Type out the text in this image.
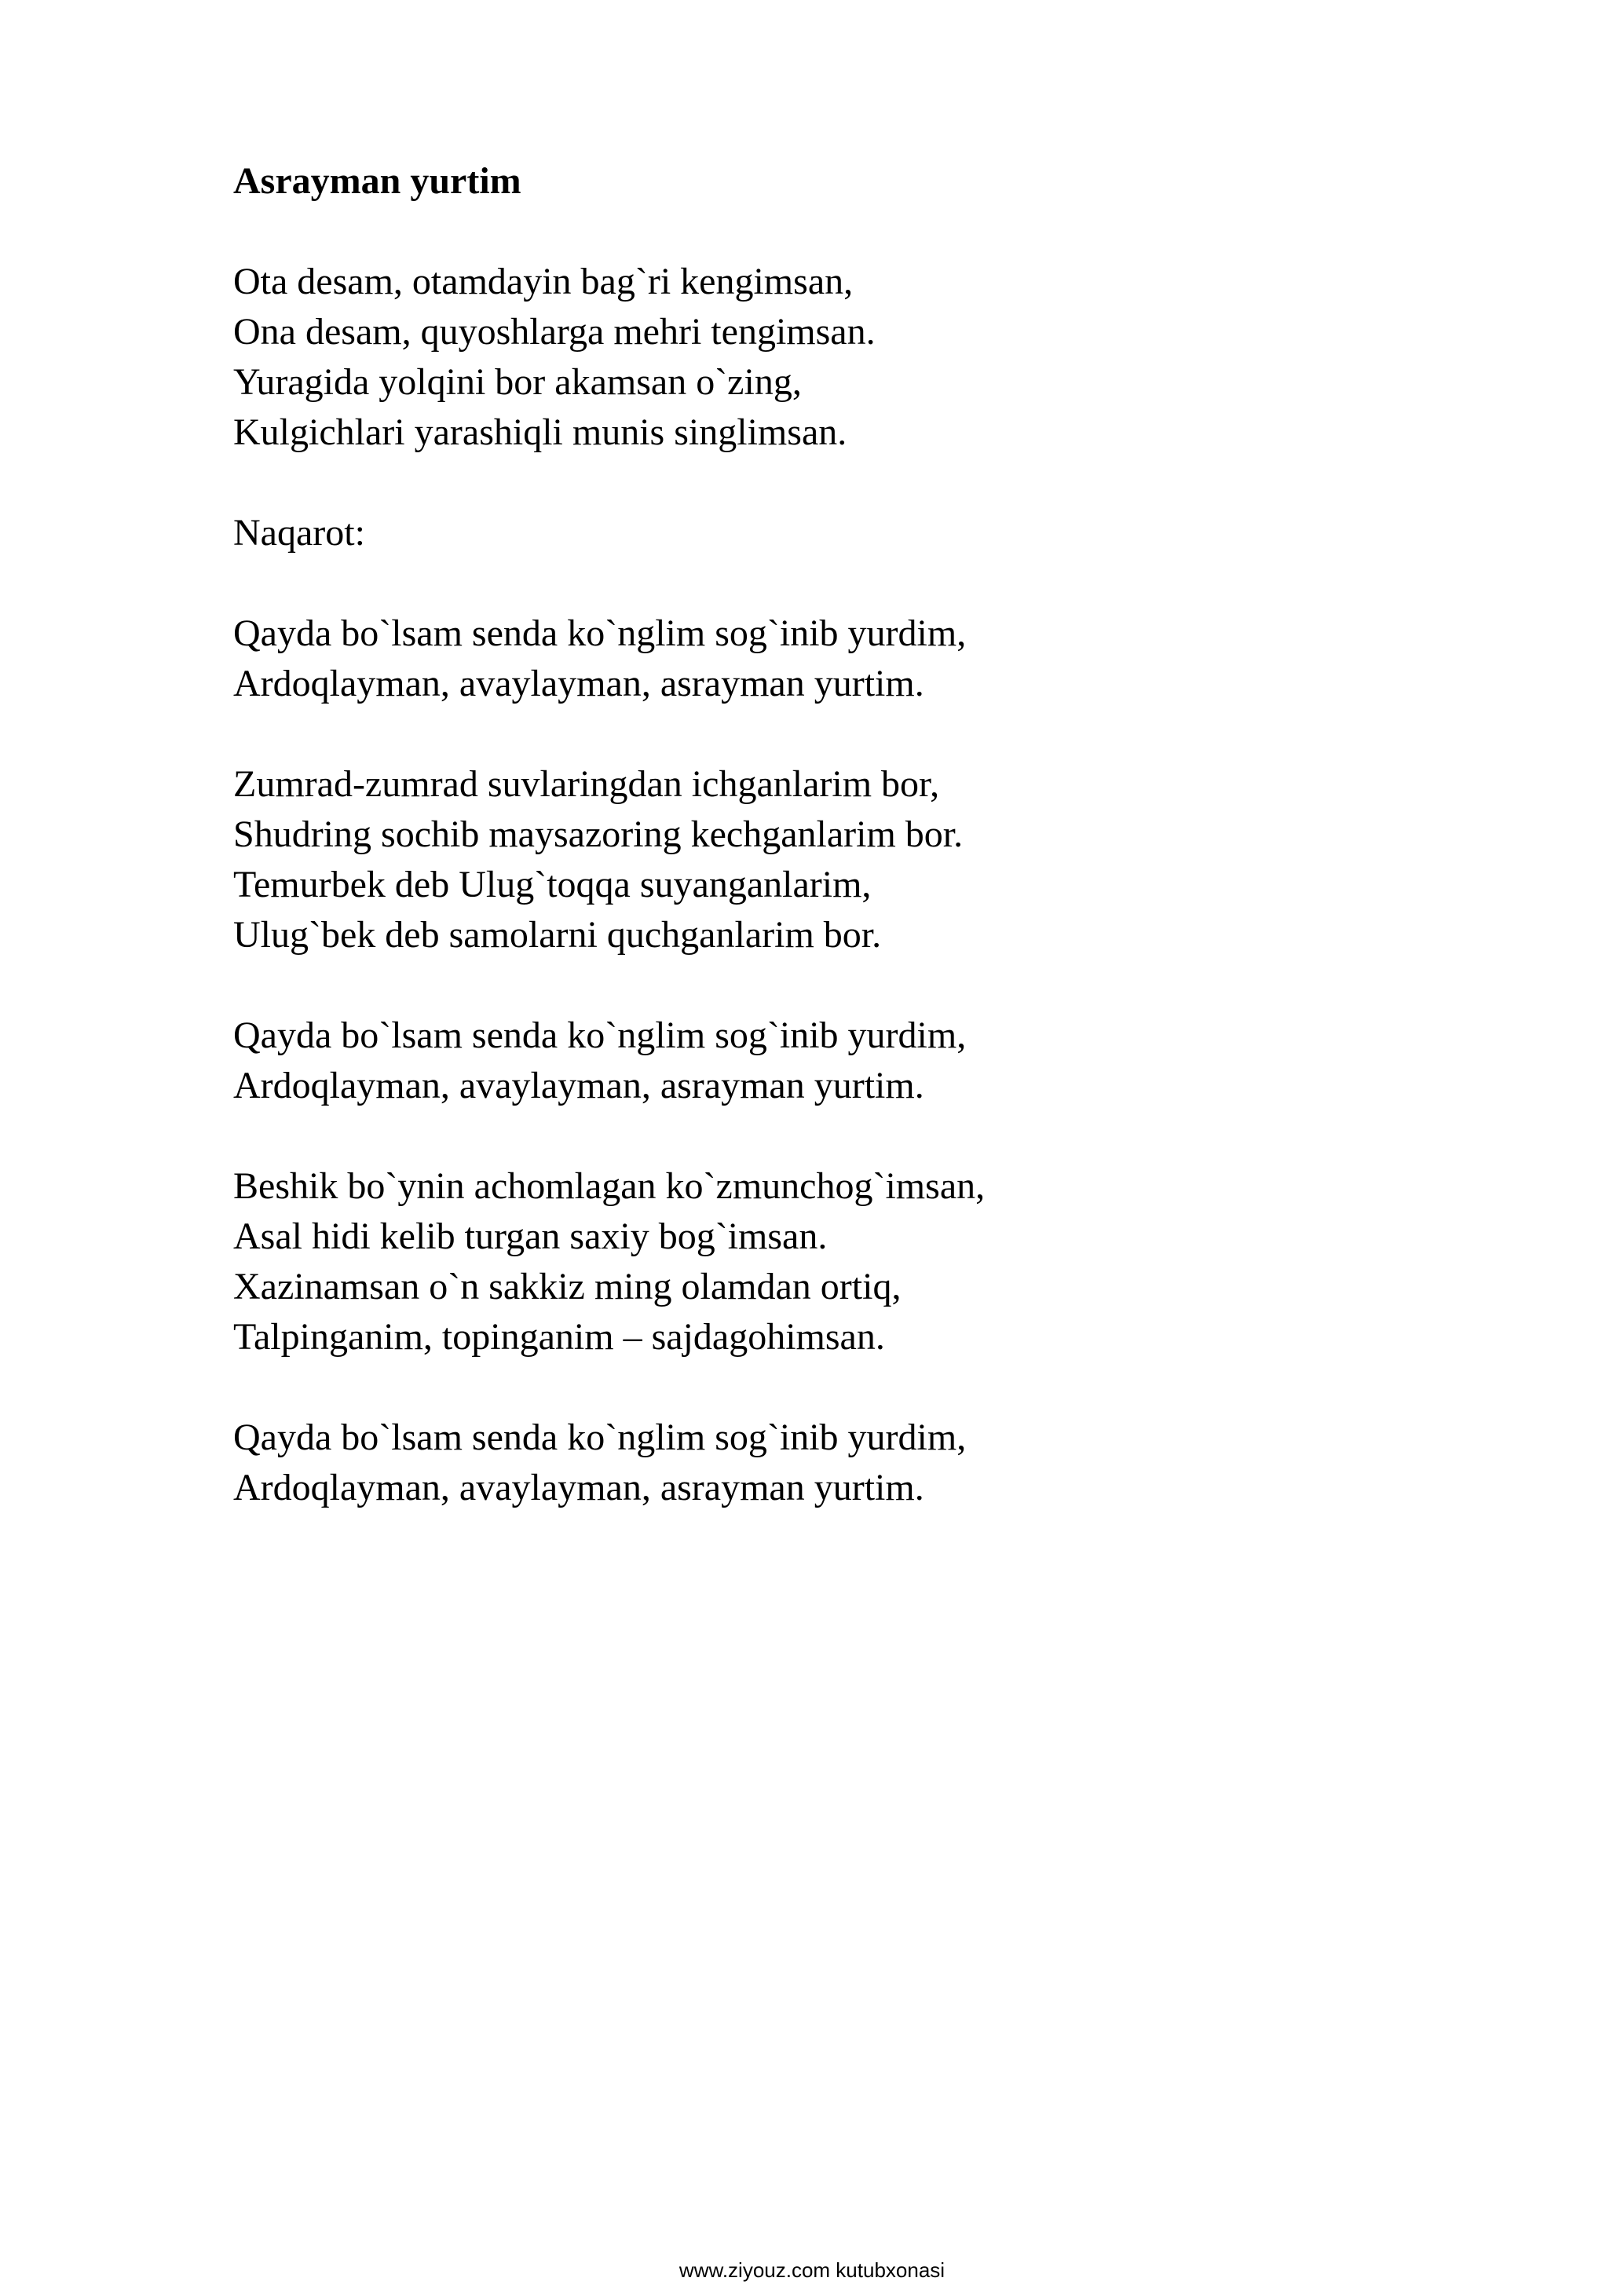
Asrayman yurtim
Ota desam, otamdayin bag`ri kengimsan,
Ona desam, quyoshlarga mehri tengimsan.
Yuragida yolqini bor akamsan o`zing,
Kulgichlari yarashiqli munis singlimsan.
Naqarot:
Qayda bo`lsam senda ko`nglim sog`inib yurdim,
Ardoqlayman, avaylayman, asrayman yurtim.
Zumrad-zumrad suvlaringdan ichganlarim bor,
Shudring sochib maysazoring kechganlarim bor.
Temurbek deb Ulug`toqqa suyanganlarim,
Ulug`bek deb samolarni quchganlarim bor.
Qayda bo`lsam senda ko`nglim sog`inib yurdim,
Ardoqlayman, avaylayman, asrayman yurtim.
Beshik bo`ynin achomlagan ko`zmunchog`imsan,
Asal hidi kelib turgan saxiy bog`imsan.
Xazinamsan o`n sakkiz ming olamdan ortiq,
Talpinganim, topinganim – sajdagohimsan.
Qayda bo`lsam senda ko`nglim sog`inib yurdim,
Ardoqlayman, avaylayman, asrayman yurtim.
www.ziyouz.com kutubxonasi
